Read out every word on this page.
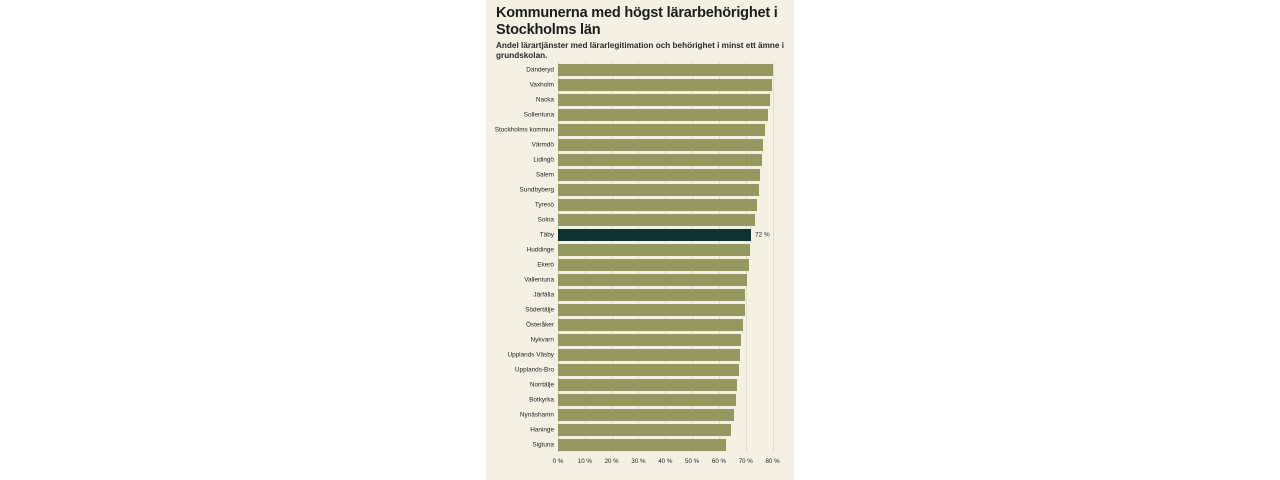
Kommunerna med högst lärarbehörighet i Stockholms län
Andel lärartjänster med lärarlegitimation och behörighet i minst ett ämne i grundskolan.
Danderyd
Vaxholm
Nacka
Sollentuna
Stockholms kommun
Värmdö
Lidingö
Salem
Sundbyberg
Tyresö
Solna
Täby	72 %
Huddinge
Ekerö
Vallentuna
Järfälla
Södertälje
Österåker
Nykvarn
Upplands Väsby
Upplands-Bro
Norrtälje
Botkyrka
Nynäshamn
Haninge
Sigtuna
0 % 10 % 20 % 30 % 40 % 50 % 60 % 70 % 80 %
